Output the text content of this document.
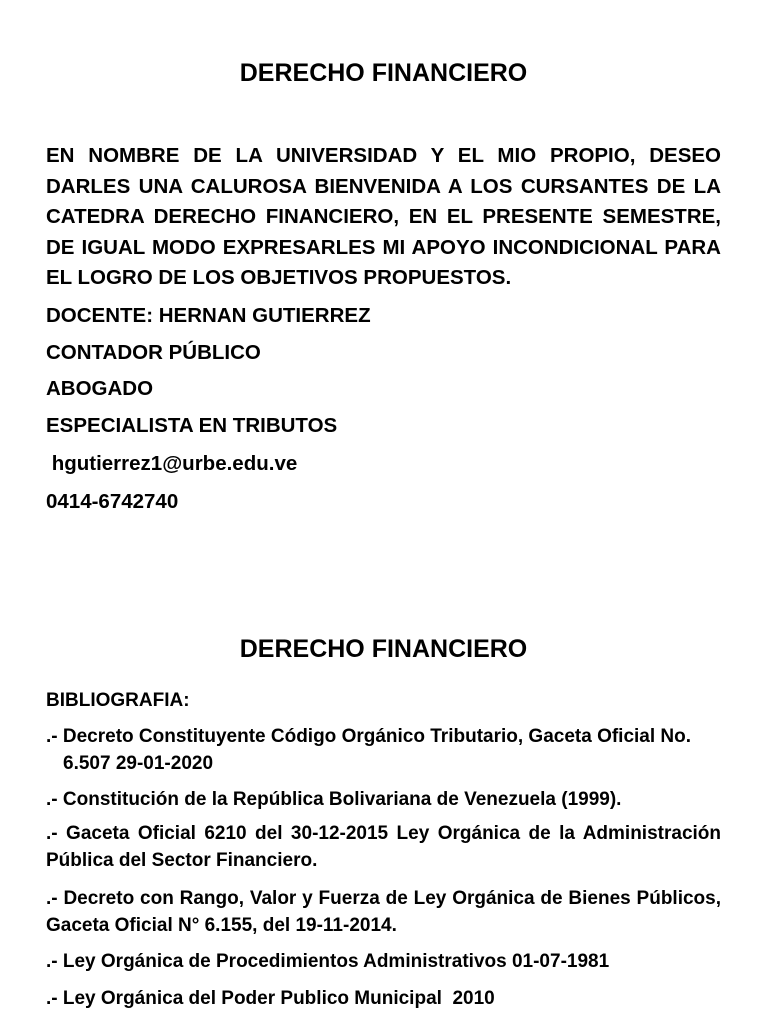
DERECHO FINANCIERO

EN NOMBRE DE LA UNIVERSIDAD Y EL MIO PROPIO, DESEO DARLES UNA CALUROSA BIENVENIDA A LOS CURSANTES DE LA CATEDRA DERECHO FINANCIERO, EN EL PRESENTE SEMESTRE, DE IGUAL MODO EXPRESARLES MI APOYO INCONDICIONAL PARA EL LOGRO DE LOS OBJETIVOS PROPUESTOS.

DOCENTE: HERNAN GUTIERREZ

CONTADOR PÚBLICO

ABOGADO

ESPECIALISTA EN TRIBUTOS

hgutierrez1@urbe.edu.ve

0414-6742740

DERECHO FINANCIERO

BIBLIOGRAFIA:

.- Decreto Constituyente Código Orgánico Tributario, Gaceta Oficial No. 6.507 29-01-2020

.- Constitución de la República Bolivariana de Venezuela (1999).

.- Gaceta Oficial 6210 del 30-12-2015 Ley Orgánica de la Administración Pública del Sector Financiero.

.- Decreto con Rango, Valor y Fuerza de Ley Orgánica de Bienes Públicos, Gaceta Oficial N° 6.155, del 19-11-2014.

.- Ley Orgánica de Procedimientos Administrativos 01-07-1981

.- Ley Orgánica del Poder Publico Municipal  2010
